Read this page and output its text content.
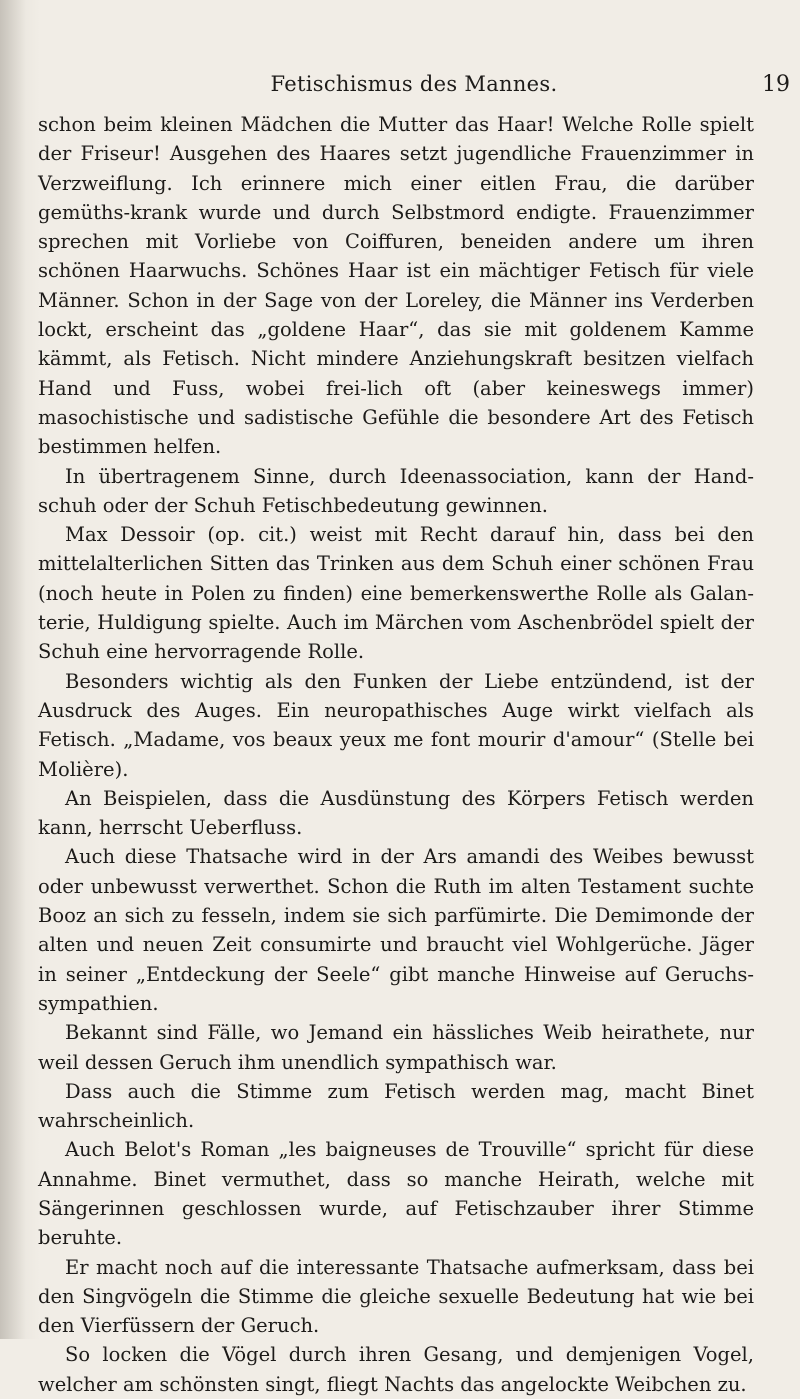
Fetischismus des Mannes.	19

schon beim kleinen Mädchen die Mutter das Haar! Welche Rolle spielt der Friseur! Ausgehen des Haares setzt jugendliche Frauenzimmer in Verzweiflung. Ich erinnere mich einer eitlen Frau, die darüber gemüths-krank wurde und durch Selbstmord endigte. Frauenzimmer sprechen mit Vorliebe von Coiffuren, beneiden andere um ihren schönen Haarwuchs. Schönes Haar ist ein mächtiger Fetisch für viele Männer. Schon in der Sage von der Loreley, die Männer ins Verderben lockt, erscheint das „goldene Haar“, das sie mit goldenem Kamme kämmt, als Fetisch. Nicht mindere Anziehungskraft besitzen vielfach Hand und Fuss, wobei frei-lich oft (aber keineswegs immer) masochistische und sadistische Gefühle die besondere Art des Fetisch bestimmen helfen.

In übertragenem Sinne, durch Ideenassociation, kann der Hand-schuh oder der Schuh Fetischbedeutung gewinnen.

Max Dessoir (op. cit.) weist mit Recht darauf hin, dass bei den mittelalterlichen Sitten das Trinken aus dem Schuh einer schönen Frau (noch heute in Polen zu finden) eine bemerkenswerthe Rolle als Galan-terie, Huldigung spielte. Auch im Märchen vom Aschenbrödel spielt der Schuh eine hervorragende Rolle.

Besonders wichtig als den Funken der Liebe entzündend, ist der Ausdruck des Auges. Ein neuropathisches Auge wirkt vielfach als Fetisch. „Madame, vos beaux yeux me font mourir d'amour“ (Stelle bei Molière).

An Beispielen, dass die Ausdünstung des Körpers Fetisch werden kann, herrscht Ueberfluss.

Auch diese Thatsache wird in der Ars amandi des Weibes bewusst oder unbewusst verwerthet. Schon die Ruth im alten Testament suchte Booz an sich zu fesseln, indem sie sich parfümirte. Die Demimonde der alten und neuen Zeit consumirte und braucht viel Wohlgerüche. Jäger in seiner „Entdeckung der Seele“ gibt manche Hinweise auf Geruchs-sympathien.

Bekannt sind Fälle, wo Jemand ein hässliches Weib heirathete, nur weil dessen Geruch ihm unendlich sympathisch war.

Dass auch die Stimme zum Fetisch werden mag, macht Binet wahrscheinlich.

Auch Belot's Roman „les baigneuses de Trouville“ spricht für diese Annahme. Binet vermuthet, dass so manche Heirath, welche mit Sängerinnen geschlossen wurde, auf Fetischzauber ihrer Stimme beruhte.

Er macht noch auf die interessante Thatsache aufmerksam, dass bei den Singvögeln die Stimme die gleiche sexuelle Bedeutung hat wie bei den Vierfüssern der Geruch.

So locken die Vögel durch ihren Gesang, und demjenigen Vogel, welcher am schönsten singt, fliegt Nachts das angelockte Weibchen zu.
